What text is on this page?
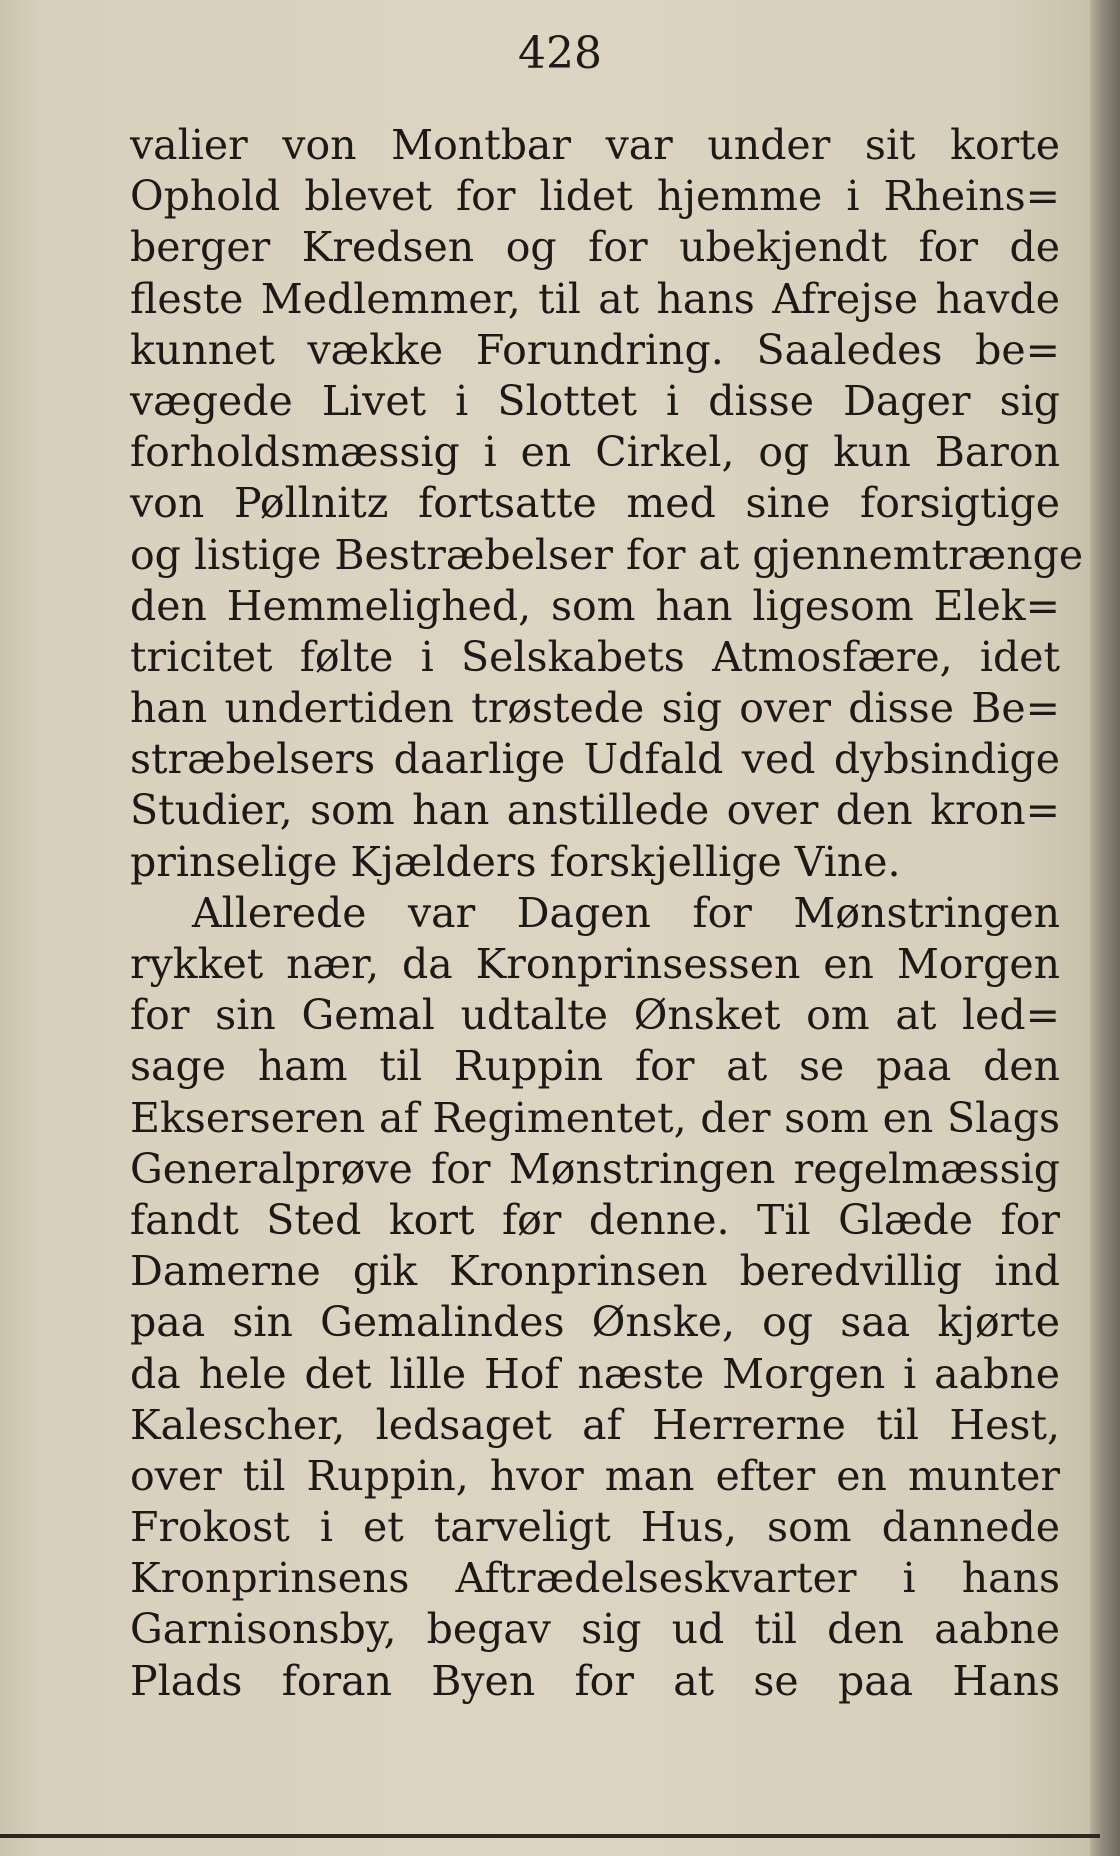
428
valier von Montbar var under sit korte
Ophold blevet for lidet hjemme i Rheins=
berger Kredsen og for ubekjendt for de
fleste Medlemmer, til at hans Afrejse havde
kunnet vække Forundring. Saaledes be=
vægede Livet i Slottet i disse Dager sig
forholdsmæssig i en Cirkel, og kun Baron
von Pøllnitz fortsatte med sine forsigtige
og listige Bestræbelser for at gjennemtrænge
den Hemmelighed, som han ligesom Elek=
tricitet følte i Selskabets Atmosfære, idet
han undertiden trøstede sig over disse Be=
stræbelsers daarlige Udfald ved dybsindige
Studier, som han anstillede over den kron=
prinselige Kjælders forskjellige Vine.
Allerede var Dagen for Mønstringen
rykket nær, da Kronprinsessen en Morgen
for sin Gemal udtalte Ønsket om at led=
sage ham til Ruppin for at se paa den
Eksersеren af Regimentet, der som en Slags
Generalprøve for Mønstringen regelmæssig
fandt Sted kort før denne. Til Glæde for
Damerne gik Kronprinsen beredvillig ind
paa sin Gemalindes Ønske, og saa kjørte
da hele det lille Hof næste Morgen i aabne
Kalescher, ledsaget af Herrerne til Hest,
over til Ruppin, hvor man efter en munter
Frokost i et tarveligt Hus, som dannede
Kronprinsens Aftrædelseskvarter i hans
Garnisonsby, begav sig ud til den aabne
Plads foran Byen for at se paa Hans
